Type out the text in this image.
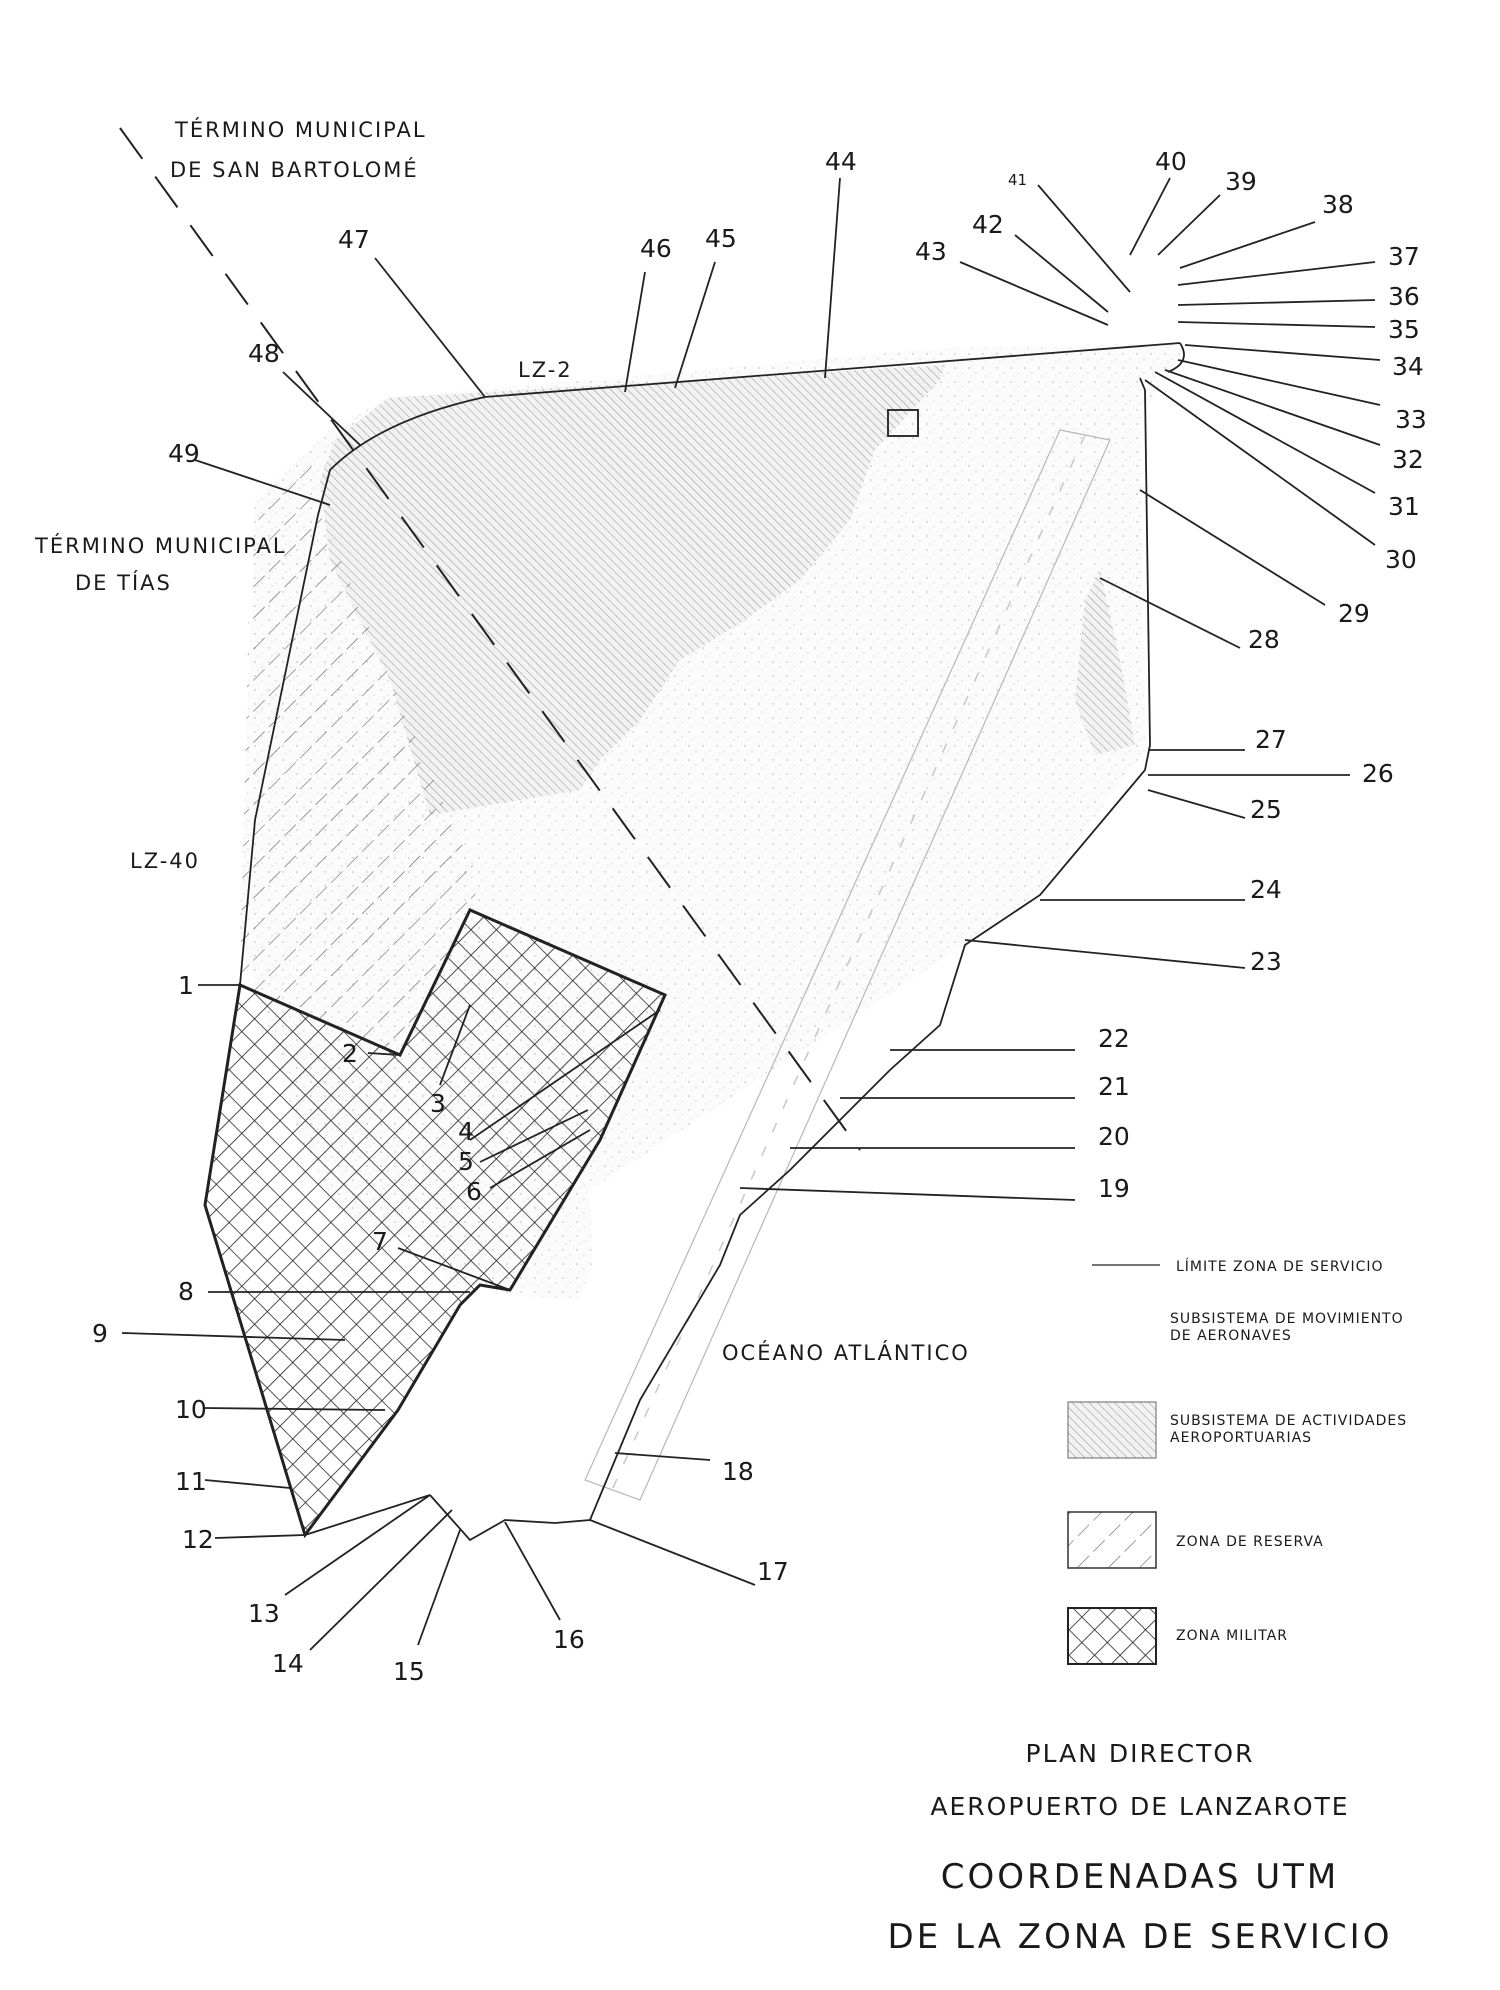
TÉRMINO MUNICIPAL
DE SAN BARTOLOMÉ
TÉRMINO MUNICIPAL
DE TÍAS
LZ-2
LZ-40
OCÉANO ATLÁNTICO
1
2
3
4
5
6
7
8
9
10
11
12
13
14	15
16
17
18
19
20
21
22
23
24
25
26
27
28
29
30
31
32
33
34
35
36
37
38
39
40
41
42
43
44
45
46
47
48
49
LÍMITE ZONA DE SERVICIO
SUBSISTEMA DE MOVIMIENTO
DE AERONAVES
SUBSISTEMA DE ACTIVIDADES
AEROPORTUARIAS
ZONA DE RESERVA
ZONA MILITAR
PLAN DIRECTOR
AEROPUERTO DE LANZAROTE
COORDENADAS UTM
DE LA ZONA DE SERVICIO
